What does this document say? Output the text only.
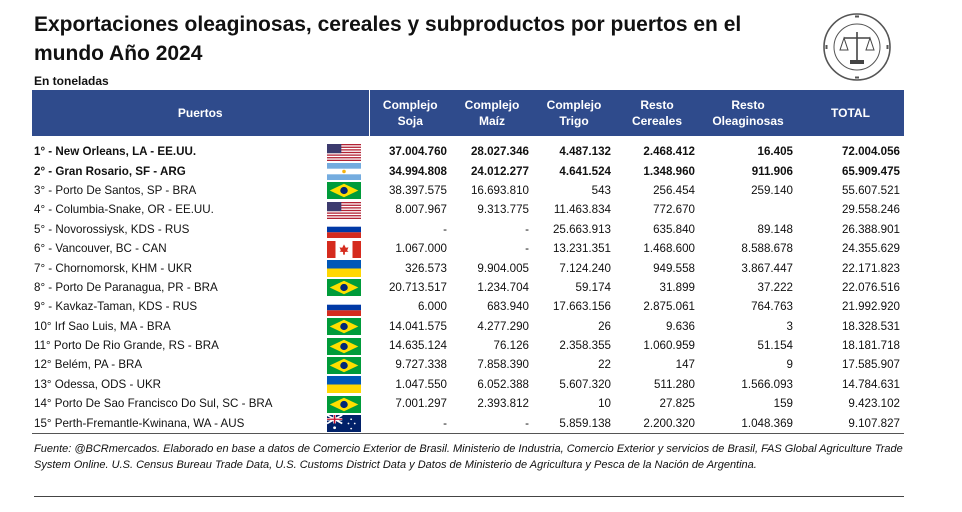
Exportaciones oleaginosas, cereales y subproductos por puertos en el mundo Año 2024
En toneladas
Puertos		Complejo Soja	Complejo Maíz	Complejo Trigo	Resto Cereales	Resto Oleaginosas	TOTAL

1° - New Orleans, LA - EE.UU.		37.004.760	28.027.346	4.487.132	2.468.412	16.405	72.004.056
2° - Gran Rosario, SF - ARG		34.994.808	24.012.277	4.641.524	1.348.960	911.906	65.909.475
3° - Porto De Santos, SP - BRA		38.397.575	16.693.810	543	256.454	259.140	55.607.521
4° - Columbia-Snake, OR - EE.UU.		8.007.967	9.313.775	11.463.834	772.670		29.558.246
5° - Novorossiysk, KDS - RUS		-	-	25.663.913	635.840	89.148	26.388.901
6° - Vancouver, BC - CAN		1.067.000	-	13.231.351	1.468.600	8.588.678	24.355.629
7° - Chornomorsk, KHM - UKR		326.573	9.904.005	7.124.240	949.558	3.867.447	22.171.823
8° - Porto De Paranagua, PR - BRA		20.713.517	1.234.704	59.174	31.899	37.222	22.076.516
9° - Kavkaz-Taman, KDS - RUS		6.000	683.940	17.663.156	2.875.061	764.763	21.992.920
10° Irf Sao Luis, MA - BRA		14.041.575	4.277.290	26	9.636	3	18.328.531
11° Porto De Rio Grande, RS - BRA		14.635.124	76.126	2.358.355	1.060.959	51.154	18.181.718
12° Belém, PA - BRA		9.727.338	7.858.390	22	147	9	17.585.907
13° Odessa, ODS - UKR		1.047.550	6.052.388	5.607.320	511.280	1.566.093	14.784.631
14° Porto De Sao Francisco Do Sul, SC - BRA		7.001.297	2.393.812	10	27.825	159	9.423.102
15° Perth-Fremantle-Kwinana, WA - AUS		-	-	5.859.138	2.200.320	1.048.369	9.107.827
Fuente: @BCRmercados. Elaborado en base a datos de Comercio Exterior de Brasil. Ministerio de Industria, Comercio Exterior y servicios de Brasil, FAS Global Agriculture Trade System Online. U.S. Census Bureau Trade Data, U.S. Customs District Data y Datos de Ministerio de Agricultura y Pesca de la Nación de Argentina.
